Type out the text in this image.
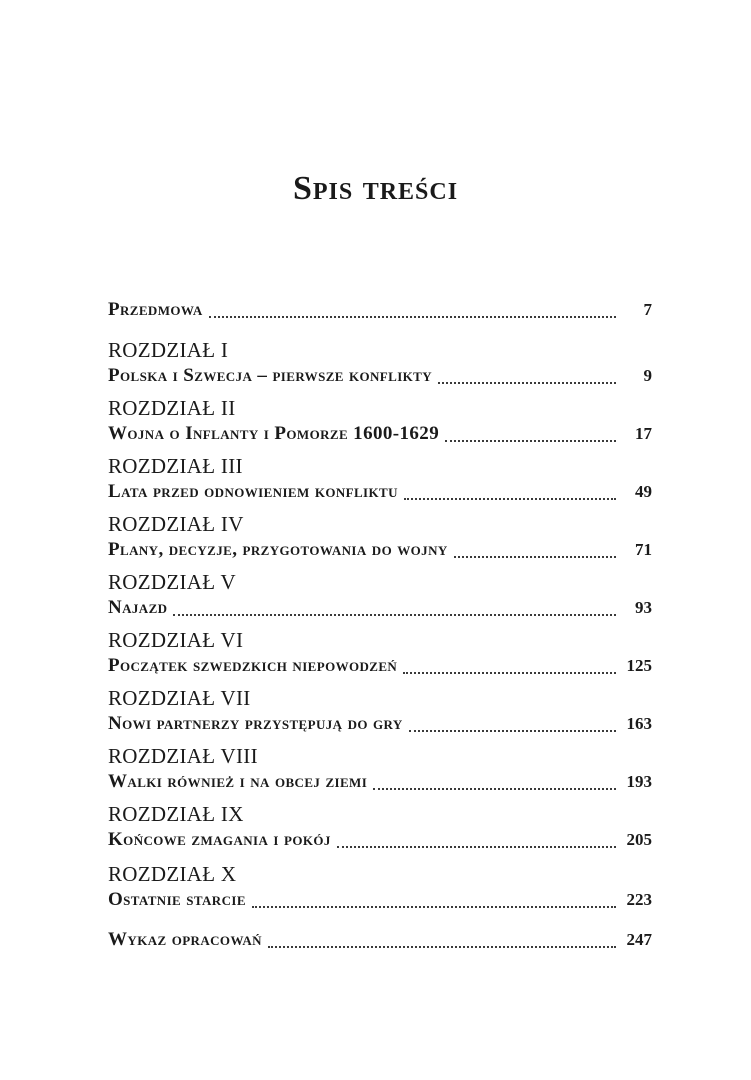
Spis treści
Przedmowa	7
ROZDZIAŁ I
Polska i Szwecja – pierwsze konflikty	9
ROZDZIAŁ II
Wojna o Inflanty i Pomorze 1600-1629	17
ROZDZIAŁ III
Lata przed odnowieniem konfliktu	49
ROZDZIAŁ IV
Plany, decyzje, przygotowania do wojny	71
ROZDZIAŁ V
Najazd	93
ROZDZIAŁ VI
Początek szwedzkich niepowodzeń	125
ROZDZIAŁ VII
Nowi partnerzy przystępują do gry	163
ROZDZIAŁ VIII
Walki również i na obcej ziemi	193
ROZDZIAŁ IX
Końcowe zmagania i pokój	205
ROZDZIAŁ X
Ostatnie starcie	223
Wykaz opracowań	247
